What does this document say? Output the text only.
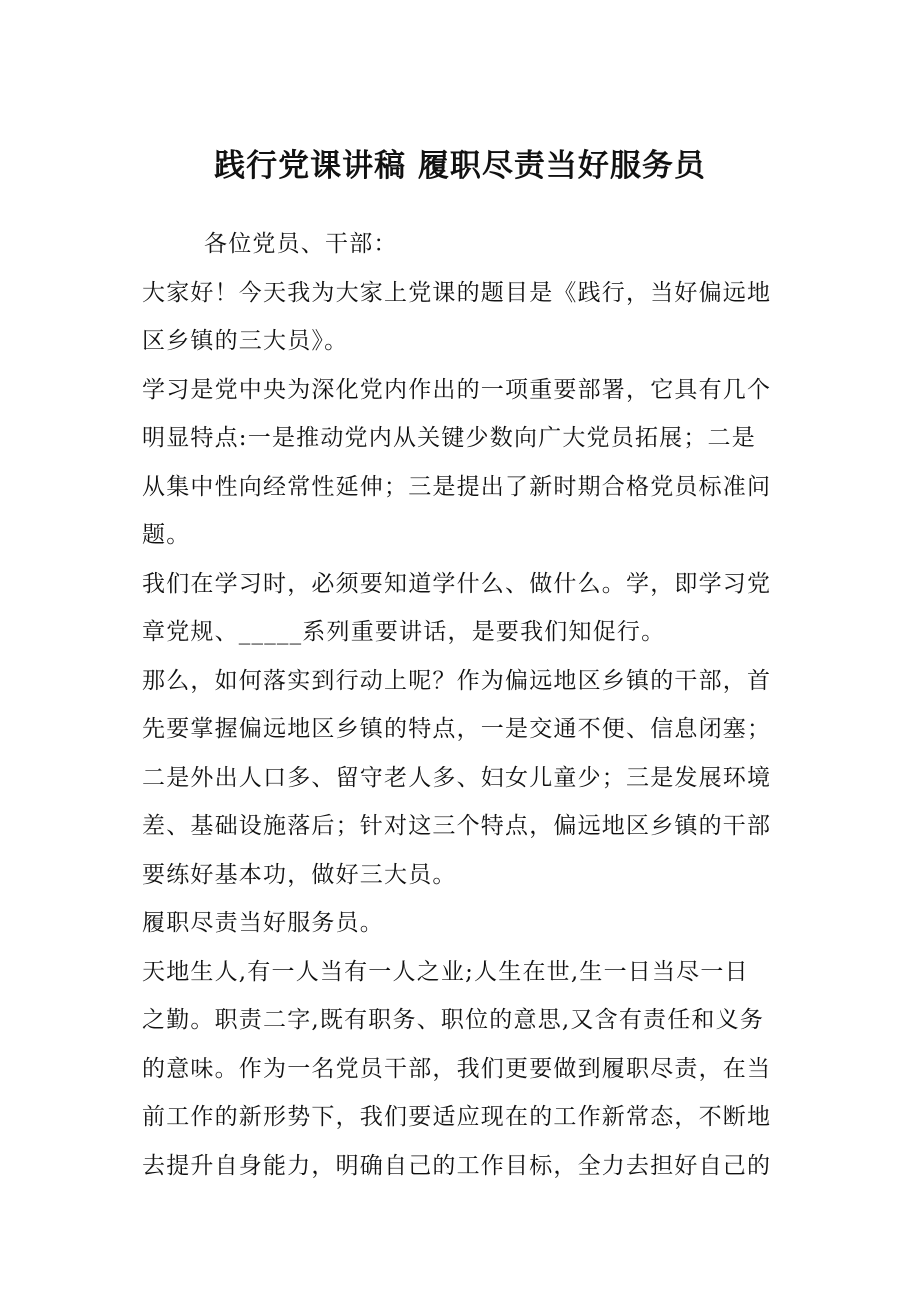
践行党课讲稿 履职尽责当好服务员
各位党员、干部：
大家好！今天我为大家上党课的题目是《践行，当好偏远地
区乡镇的三大员》。
学习是党中央为深化党内作出的一项重要部署，它具有几个
明显特点:一是推动党内从关键少数向广大党员拓展；二是
从集中性向经常性延伸；三是提出了新时期合格党员标准问
题。
我们在学习时，必须要知道学什么、做什么。学，即学习党
章党规、_____系列重要讲话，是要我们知促行。
那么，如何落实到行动上呢？作为偏远地区乡镇的干部，首
先要掌握偏远地区乡镇的特点，一是交通不便、信息闭塞；
二是外出人口多、留守老人多、妇女儿童少；三是发展环境
差、基础设施落后；针对这三个特点，偏远地区乡镇的干部
要练好基本功，做好三大员。
履职尽责当好服务员。
天地生人,有一人当有一人之业;人生在世,生一日当尽一日
之勤。职责二字,既有职务、职位的意思,又含有责任和义务
的意味。作为一名党员干部，我们更要做到履职尽责，在当
前工作的新形势下，我们要适应现在的工作新常态，不断地
去提升自身能力，明确自己的工作目标，全力去担好自己的
